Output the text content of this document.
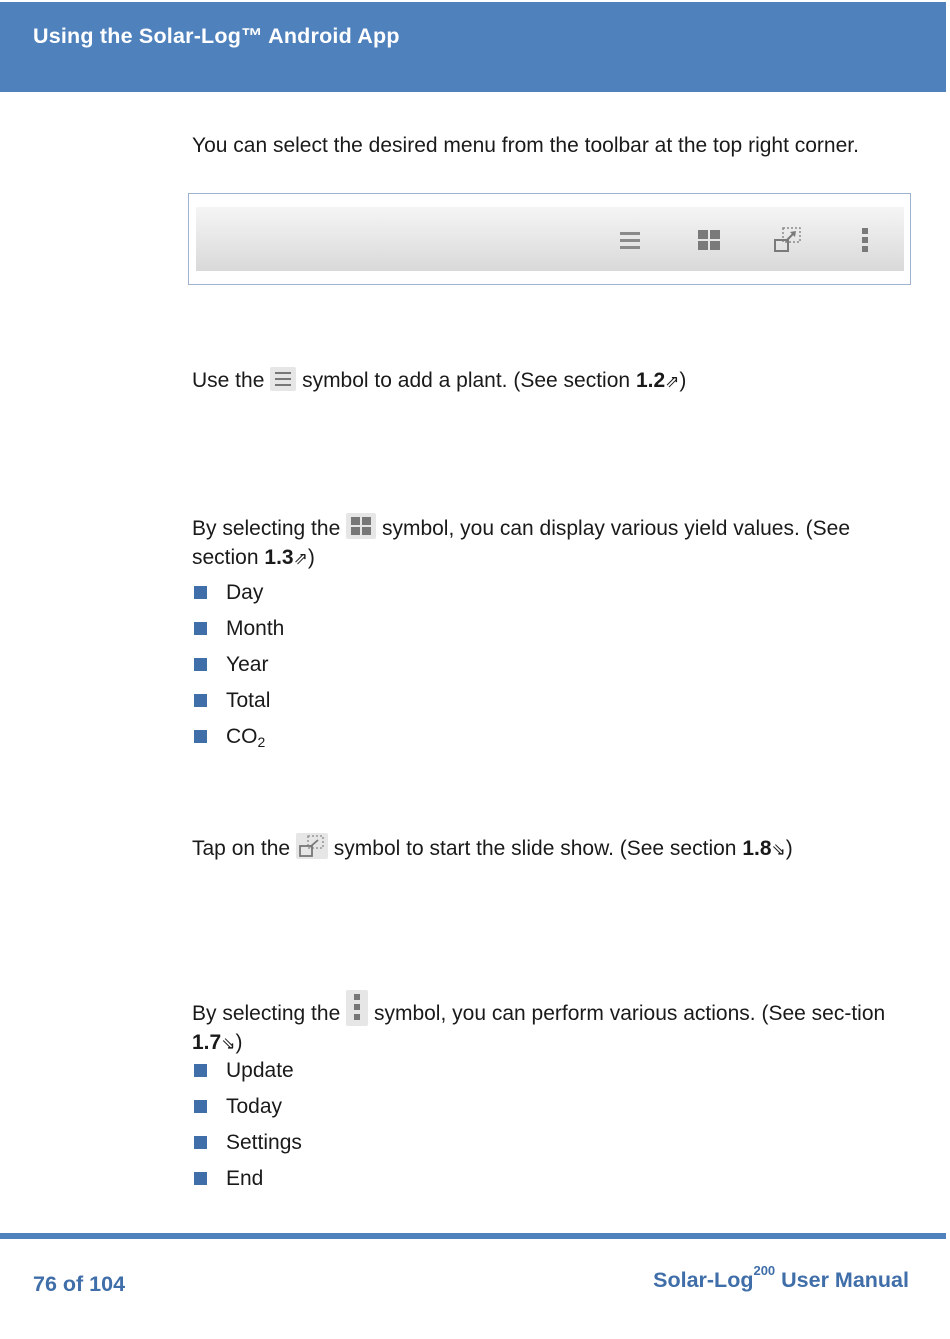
Using the Solar-Log™ Android App
You can select the desired menu from the toolbar at the top right corner.
Use the symbol to add a plant. (See section 1.2⇗)
By selecting the symbol, you can display various yield values. (See section 1.3⇗)
Day
Month
Year
Total
$CO_2$
Tap on the symbol to start the slide show. (See section 1.8⇘)
By selecting the symbol, you can perform various actions. (See sec-tion 1.7⇘)
Update
Today
Settings
End
76 of 104	Solar-Log$^{200}$ User Manual
